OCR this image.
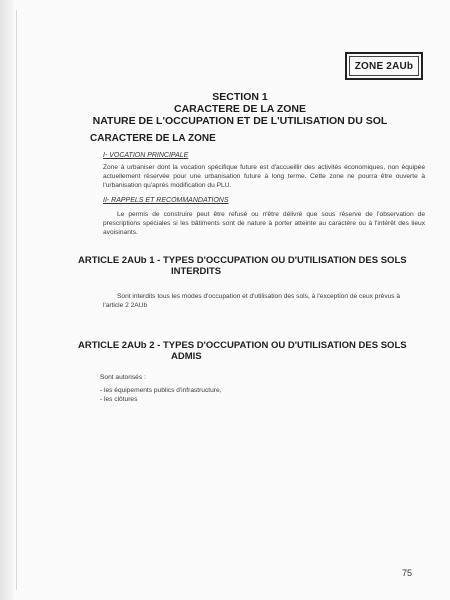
ZONE 2AUb
SECTION 1
CARACTERE DE LA ZONE
NATURE DE L'OCCUPATION ET DE L'UTILISATION DU SOL
CARACTERE DE LA ZONE
I- VOCATION PRINCIPALE
Zone à urbaniser dont la vocation spécifique future est d'accueillir des activités économiques, non équipée actuellement réservée pour une urbanisation future à long terme. Cette zone ne pourra être ouverte à l'urbanisation qu'après modification du PLU.
II- RAPPELS ET RECOMMANDATIONS
Le permis de construire peut être refusé ou n'être délivré que sous réserve de l'observation de prescriptions spéciales si les bâtiments sont de nature à porter atteinte au caractère ou à l'intérêt des lieux avoisinants.
ARTICLE 2AUb 1 - TYPES D'OCCUPATION OU D'UTILISATION DES SOLS
INTERDITS
Sont interdits tous les modes d'occupation et d'utilisation des sols, à l'exception de ceux prévus à l'article 2 2AUb
ARTICLE 2AUb 2 - TYPES D'OCCUPATION OU D'UTILISATION DES SOLS
ADMIS
Sont autorisés :
- les équipements publics d'infrastructure,
- les clôtures
75
